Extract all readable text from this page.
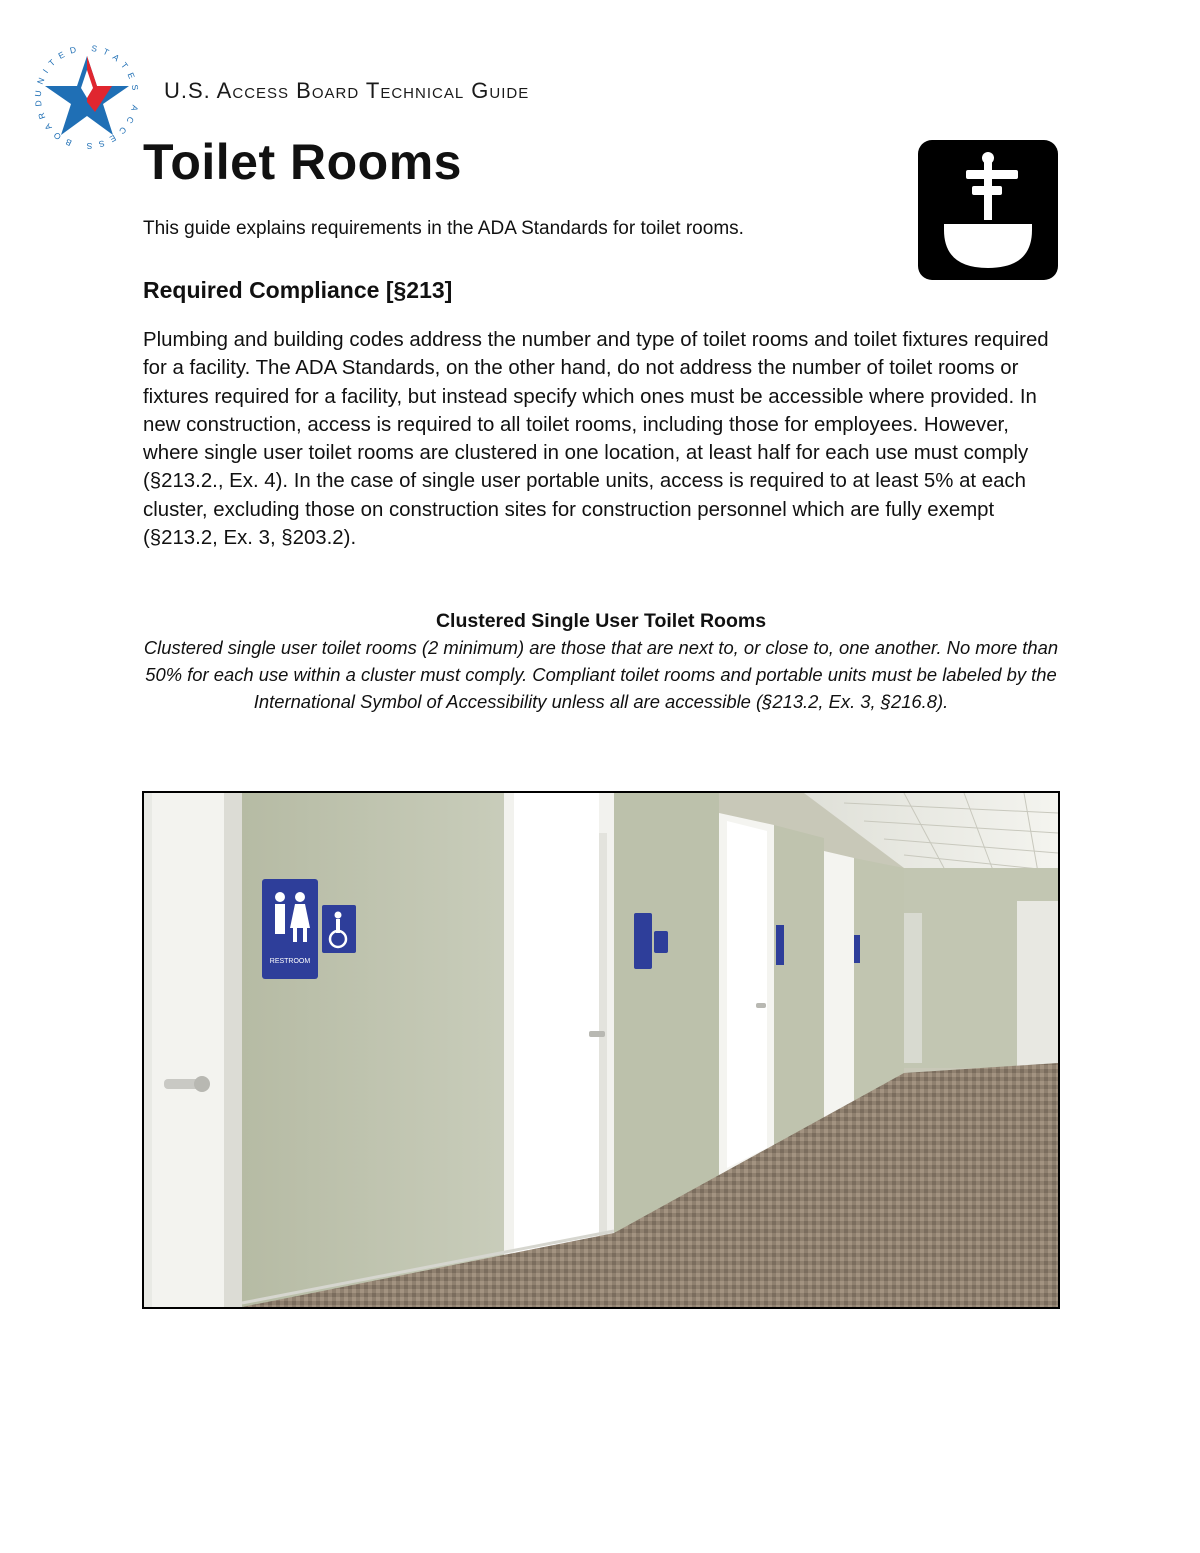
UNITED STATES ACCESS BOARD	U.S. Access Board Technical Guide
Toilet Rooms

This guide explains requirements in the ADA Standards for toilet rooms.

Required Compliance [§213]

Plumbing and building codes address the number and type of toilet rooms and toilet fixtures required for a facility. The ADA Standards, on the other hand, do not address the number of toilet rooms or fixtures required for a facility, but instead specify which ones must be accessible where provided. In new construction, access is required to all toilet rooms, including those for employees. However, where single user toilet rooms are clustered in one location, at least half for each use must comply (§213.2., Ex. 4). In the case of single user portable units, access is required to at least 5% at each cluster, excluding those on construction sites for construction personnel which are fully exempt (§213.2, Ex. 3, §203.2).

Clustered Single User Toilet Rooms

Clustered single user toilet rooms (2 minimum) are those that are next to, or close to, one another. No more than 50% for each use within a cluster must comply. Compliant toilet rooms and portable units must be labeled by the International Symbol of Accessibility unless all are accessible (§213.2, Ex. 3, §216.8).

RESTROOM
